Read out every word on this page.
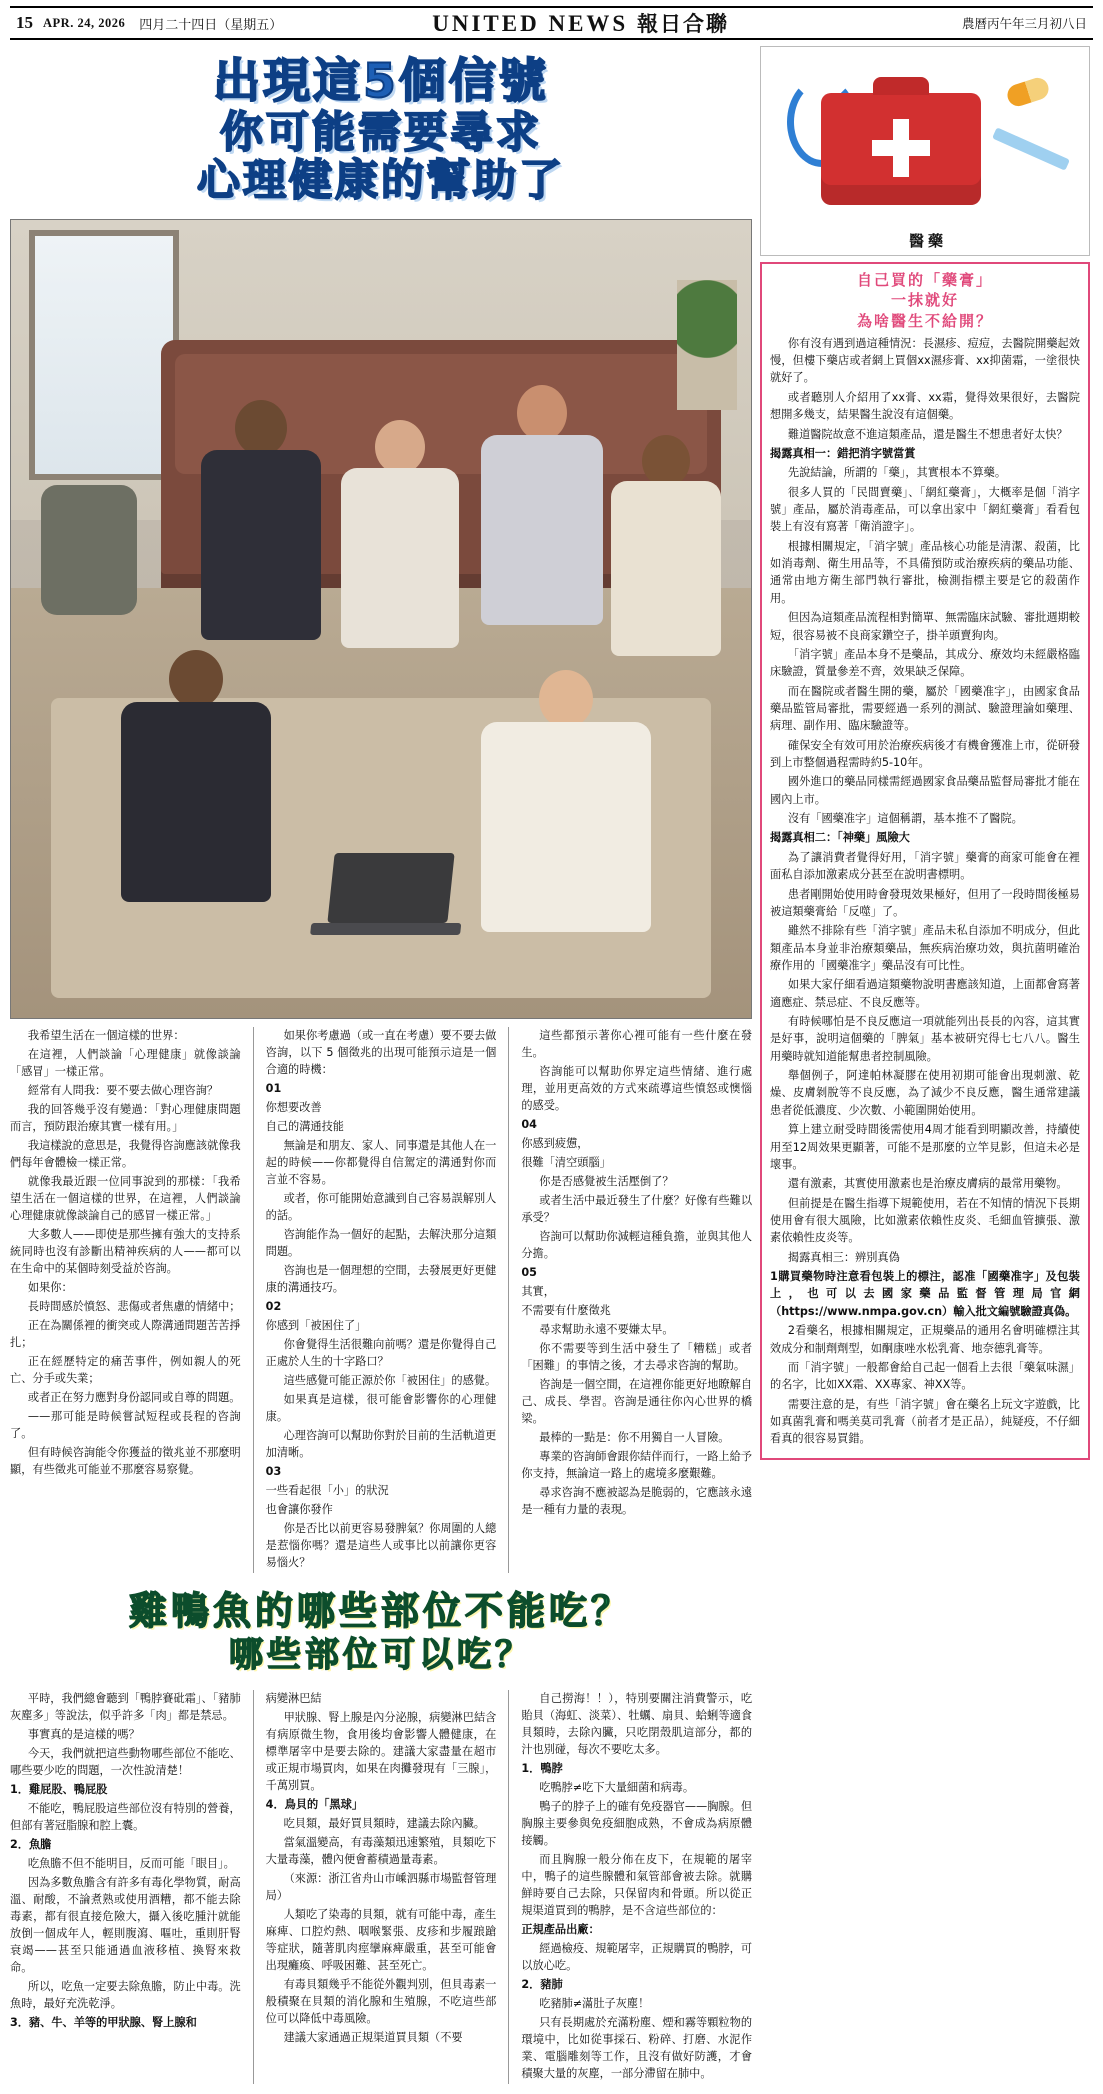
15 APR. 24, 2026 四月二十四日（星期五）	UNITED NEWS 報日合聯	農曆丙午年三月初八日
出現這5個信號
你可能需要尋求
心理健康的幫助了

我希望生活在一個這樣的世界：

在這裡，人們談論「心理健康」就像談論「感冒」一樣正常。

經常有人問我：要不要去做心理咨詢？

我的回答幾乎沒有變過：「對心理健康問題而言，預防跟治療其實一樣有用。」

我這樣說的意思是，我覺得咨詢應該就像我們每年會體檢一樣正常。

就像我最近跟一位同事說到的那樣：「我希望生活在一個這樣的世界，在這裡，人們談論心理健康就像談論自己的感冒一樣正常。」

大多數人——即使是那些擁有強大的支持系統同時也沒有診斷出精神疾病的人——都可以在生命中的某個時刻受益於咨詢。

如果你：

長時間感於憤怒、悲傷或者焦慮的情緒中；

正在為關係裡的衝突或人際溝通問題苦苦掙扎；

正在經歷特定的痛苦事件，例如親人的死亡、分手或失業；

或者正在努力應對身份認同或自尊的問題。

——那可能是時候嘗試短程或長程的咨詢了。

但有時候咨詢能令你獲益的徵兆並不那麼明顯，有些徵兆可能並不那麼容易察覺。

如果你考慮過（或一直在考慮）要不要去做咨詢，以下 5 個徵兆的出現可能預示這是一個合適的時機：

01

你想要改善

自己的溝通技能

無論是和朋友、家人、同事還是其他人在一起的時候——你都覺得自信駕定的溝通對你而言並不容易。

或者，你可能開始意識到自己容易誤解別人的話。

咨詢能作為一個好的起點，去解決那分這類問題。

咨詢也是一個理想的空間，去發展更好更健康的溝通技巧。

02

你感到「被困住了」

你會覺得生活很難向前嗎？還是你覺得自己正處於人生的十字路口？

這些感覺可能正源於你「被困住」的感覺。

如果真是這樣，很可能會影響你的心理健康。

心理咨詢可以幫助你對於目前的生活軌道更加清晰。

03

一些看起很「小」的狀況

也會讓你發作

你是否比以前更容易發脾氣？你周圍的人總是惹惱你嗎？還是這些人或事比以前讓你更容易惱火？

這些都預示著你心裡可能有一些什麼在發生。

咨詢能可以幫助你界定這些情緒、進行處理，並用更高效的方式來疏導這些憤怒或懊惱的感受。

04

你感到疲憊，

很難「清空頭腦」

你是否感覺被生活壓倒了？

或者生活中最近發生了什麼？好像有些難以承受？

咨詢可以幫助你減輕這種負擔，並與其他人分擔。

05

其實，

不需要有什麼徵兆

尋求幫助永遠不要嫌太早。

你不需要等到生活中發生了「糟糕」或者「困難」的事情之後，才去尋求咨詢的幫助。

咨詢是一個空間，在這裡你能更好地瞭解自己、成長、學習。咨詢是通往你內心世界的橋梁。

最棒的一點是：你不用獨自一人冒險。

專業的咨詢師會跟你結伴而行，一路上給予你支持，無論這一路上的處境多麼艱難。

尋求咨詢不應被認為是脆弱的，它應該永遠是一種有力量的表現。

雞鴨魚的哪些部位不能吃？
哪些部位可以吃？

平時，我們總會聽到「鴨脖賽砒霜」、「豬肺灰塵多」等說法，似乎許多「肉」都是禁忌。

事實真的是這樣的嗎？

今天，我們就把這些動物哪些部位不能吃、哪些要少吃的問題，一次性說清楚！

1．雞屁股、鴨屁股

不能吃，鴨屁股這些部位沒有特別的營養，但部有著冠脂腺和腔上囊。

2．魚膽

吃魚膽不但不能明目，反而可能「眼目」。

因為多數魚膽含有許多有毒化學物質，耐高溫、耐酸，不論煮熟或使用酒糟，都不能去除毒素，都有很直接危險大，攝入後吃腫汁就能放倒一個成年人，輕則腹瀉、嘔吐，重則肝腎衰竭——甚至只能通過血液移植、換腎來救命。

所以，吃魚一定要去除魚膽，防止中毒。洗魚時，最好充洗乾淨。

3．豬、牛、羊等的甲狀腺、腎上腺和

病變淋巴結

甲狀腺、腎上腺是內分泌腺，病變淋巴結含有病原微生物，食用後均會影響人體健康，在標準屠宰中是要去除的。建議大家盡量在超市或正規市場買肉，如果在肉攤發現有「三腺」，千萬別買。

4．鳥貝的「黑球」

吃貝類，最好買貝類時，建議去除內臟。

當氣溫變高，有毒藻類迅速繁殖，貝類吃下大量毒藻，體內便會蓄積過量毒素。

（來源：浙江省舟山市嵊泗縣市場監督管理局）

人類吃了染毒的貝類，就有可能中毒，產生麻痺、口腔灼熱、咽喉緊張、皮疹和步履踉蹌等症狀，隨著肌肉痙攣麻痺嚴重，甚至可能會出現癱瘓、呼吸困難、甚至死亡。

有毒貝類幾乎不能從外觀判別，但貝毒素一般積聚在貝類的消化腺和生殖腺，不吃這些部位可以降低中毒風險。

建議大家通過正規渠道買貝類（不要

自己撈海！！），特別要關注消費警示，吃貽貝（海虹、淡菜）、牡蠣、扇貝、蛤蜊等適食貝類時，去除內臟，只吃閉殼肌這部分，都的汁也別碰，每次不要吃太多。

1．鴨脖

吃鴨脖≠吃下大量細菌和病毒。

鴨子的脖子上的確有免疫器官——胸腺。但胸腺主要參與免疫細胞成熟，不會成為病原體接觸。

而且胸腺一般分佈在皮下，在規範的屠宰中，鴨子的這些腺體和氣管部會被去除。就購鮮時要自己去除，只保留肉和骨頭。所以從正規渠道買到的鴨脖，是不含這些部位的：

正規產品出廠：

經過檢疫、規範屠宰，正規購買的鴨脖，可以放心吃。

2．豬肺

吃豬肺≠滿肚子灰塵！

只有長期處於充滿粉塵、煙和霧等顆粒物的環境中，比如從事採石、粉碎、打磨、水泥作業、電腦雕刻等工作，且沒有做好防護，才會積聚大量的灰塵，一部分滯留在肺中。

醫藥
自己買的「藥膏」
一抹就好
為啥醫生不給開？

你有沒有遇到過這種情況：長濕疹、痘痘，去醫院開藥起效慢，但樓下藥店或者網上買個xx濕疹膏、xx抑菌霜，一塗很快就好了。

或者聽別人介紹用了xx膏、xx霜，覺得效果很好，去醫院想開多幾支，結果醫生說沒有這個藥。

難道醫院故意不進這類產品，還是醫生不想患者好太快？

揭露真相一：錯把消字號當賞

先說結論，所謂的「藥」，其實根本不算藥。

很多人買的「民間賣藥」、「網紅藥膏」，大概率是個「消字號」產品，屬於消毒產品，可以拿出家中「網紅藥膏」看看包裝上有沒有寫著「衛消證字」。

根據相關規定，「消字號」產品核心功能是清潔、殺菌，比如消毒劑、衛生用品等，不具備預防或治療疾病的藥品功能、通常由地方衛生部門執行審批，檢測指標主要是它的殺菌作用。

但因為這類產品流程相對簡單、無需臨床試驗、審批週期較短，很容易被不良商家鑽空子，掛羊頭賣狗肉。

「消字號」產品本身不是藥品，其成分、療效均未經嚴格臨床驗證，質量參差不齊，效果缺乏保障。

而在醫院或者醫生開的藥，屬於「國藥准字」，由國家食品藥品監管局審批，需要經過一系列的測試、驗證理論如藥理、病理、副作用、臨床驗證等。

確保安全有效可用於治療疾病後才有機會獲准上市，從研發到上市整個過程需時約5-10年。

國外進口的藥品同樣需經過國家食品藥品監督局審批才能在國內上市。

沒有「國藥准字」這個稱謂，基本推不了醫院。

揭露真相二：「神藥」風險大

為了讓消費者覺得好用，「消字號」藥膏的商家可能會在裡面私自添加激素成分甚至在說明書標明。

患者剛開始使用時會發現效果極好，但用了一段時間後極易被這類藥膏給「反噬」了。

雖然不排除有些「消字號」產品未私自添加不明成分，但此類產品本身並非治療類藥品，無疾病治療功效，與抗菌明確治療作用的「國藥准字」藥品沒有可比性。

如果大家仔細看過這類藥物說明書應該知道，上面都會寫著適應症、禁忌症、不良反應等。

有時候哪怕是不良反應這一項就能列出長長的內容，這其實是好事，說明這個藥的「脾氣」基本被研究得七七八八。醫生用藥時就知道能幫患者控制風險。

舉個例子，阿達帕林凝膠在使用初期可能會出現刺激、乾燥、皮膚剝脫等不良反應，為了減少不良反應，醫生通常建議患者從低濃度、少次數、小範圍開始使用。

算上建立耐受時間後需使用4周才能看到明顯改善，持續使用至12周效果更顯著，可能不是那麼的立竿見影，但這未必是壞事。

還有激素，其實使用激素也是治療皮膚病的最常用藥物。

但前提是在醫生指導下規範使用，若在不知情的情況下長期使用會有很大風險，比如激素依賴性皮炎、毛細血管擴張、激素依賴性皮炎等。

揭露真相三：辨別真偽

1購買藥物時注意看包裝上的標注，認准「國藥准字」及包裝上，也可以去國家藥品監督管理局官網（https://www.nmpa.gov.cn）輸入批文編號驗證真偽。

2看藥名，根據相關規定，正規藥品的通用名會明確標注其效成分和制劑劑型，如酮康唑水松乳膏、地奈德乳膏等。

而「消字號」一般都會給自己起一個看上去很「藥氣味濕」的名字，比如XX霜、XX專家、神XX等。

需要注意的是，有些「消字號」會在藥名上玩文字遊戲，比如真菌乳膏和嗎美莫司乳膏（前者才是正品），純疑疫，不仔細看真的很容易買錯。
